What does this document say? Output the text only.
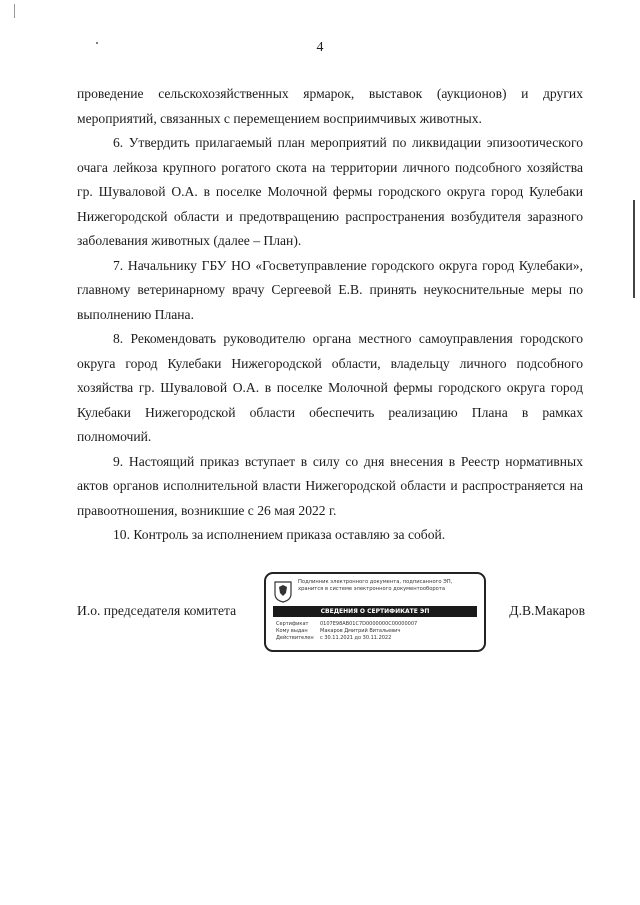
4

проведение сельскохозяйственных ярмарок, выставок (аукционов) и других мероприятий, связанных с перемещением восприимчивых животных.

6. Утвердить прилагаемый план мероприятий по ликвидации эпизоотического очага лейкоза крупного рогатого скота на территории личного подсобного хозяйства гр. Шуваловой О.А. в поселке Молочной фермы городского округа город Кулебаки Нижегородской области и предотвращению распространения возбудителя заразного заболевания животных (далее – План).

7. Начальнику ГБУ НО «Госветуправление городского округа город Кулебаки», главному ветеринарному врачу Сергеевой Е.В. принять неукоснительные меры по выполнению Плана.

8. Рекомендовать руководителю органа местного самоуправления городского округа город Кулебаки Нижегородской области, владельцу личного подсобного хозяйства гр. Шуваловой О.А. в поселке Молочной фермы городского округа город Кулебаки Нижегородской области обеспечить реализацию Плана в рамках полномочий.

9. Настоящий приказ вступает в силу со дня внесения в Реестр нормативных актов органов исполнительной власти Нижегородской области и распространяется на правоотношения, возникшие с 26 мая 2022 г.

10. Контроль за исполнением приказа оставляю за собой.

И.о. председателя комитета
Подлинник электронного документа, подписанного ЭП,
хранится в системе электронного документооборота
СВЕДЕНИЯ О СЕРТИФИКАТЕ ЭП
Сертификат 0107E98AB01C7D0000000C00000007
Кому выдан Макаров Дмитрий Витальевич
Действителен с 30.11.2021 до 30.11.2022
Д.В.Макаров
